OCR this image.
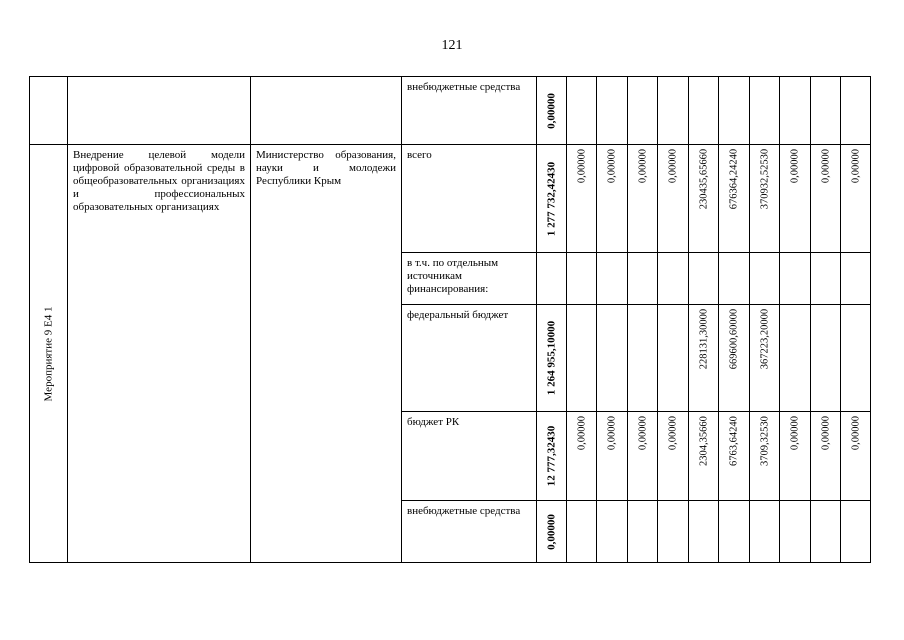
121

			внебюджетные средства	0,00000										

Мероприятие 9 Е4 1	Внедрение целевой модели цифровой образовательной среды в общеобразовательных организациях и профессиональных образовательных организациях	Министерство образования, науки и молодежи Республики Крым	всего	1 277 732,42430	0,00000	0,00000	0,00000	0,00000	230435,65660	676364,24240	370932,52530	0,00000	0,00000	0,00000

			в т.ч. по отдельным источникам финансирования:											

			федеральный бюджет	1 264 955,10000					228131,30000	669600,60000	367223,20000			

			бюджет РК	12 777,32430	0,00000	0,00000	0,00000	0,00000	2304,35660	6763,64240	3709,32530	0,00000	0,00000	0,00000

			внебюджетные средства	0,00000										
